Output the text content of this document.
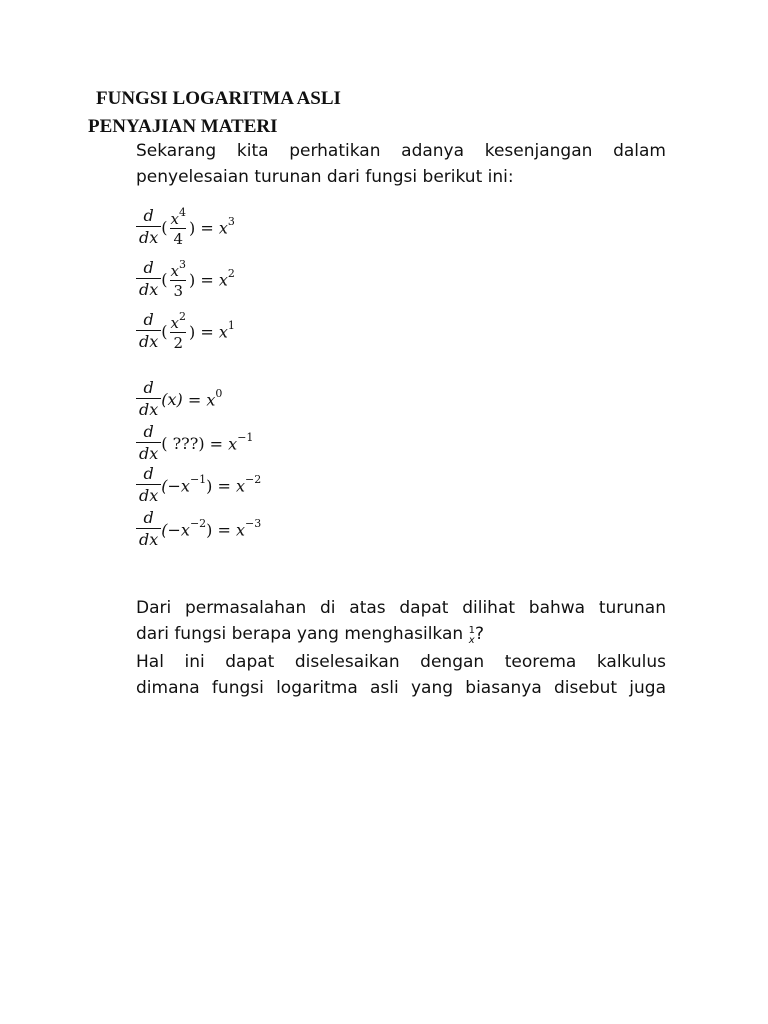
FUNGSI LOGARITMA ASLI
PENYAJIAN MATERI
Sekarang kita perhatikan adanya kesenjangan dalam
penyelesaian turunan dari fungsi berikut ini:
$\frac{d}{dx}$ ( $\frac{x^4}{4}$ ) = $x^3$
$\frac{d}{dx}$ ( $\frac{x^3}{3}$ ) = $x^2$
$\frac{d}{dx}$ ( $\frac{x^2}{2}$ ) = $x^1$
$\frac{d}{dx} (x) = x^0$
$\frac{d}{dx}$ ( ???) = $x^{-1}$
$\frac{d}{dx} (-x^{-1}) = x^{-2}$
$\frac{d}{dx} (-x^{-2}) = x^{-3}$
Dari permasalahan di atas dapat dilihat bahwa turunan
dari fungsi berapa yang menghasilkan 1
x ?
Hal ini dapat diselesaikan dengan teorema kalkulus
dimana fungsi logaritma asli yang biasanya disebut juga
